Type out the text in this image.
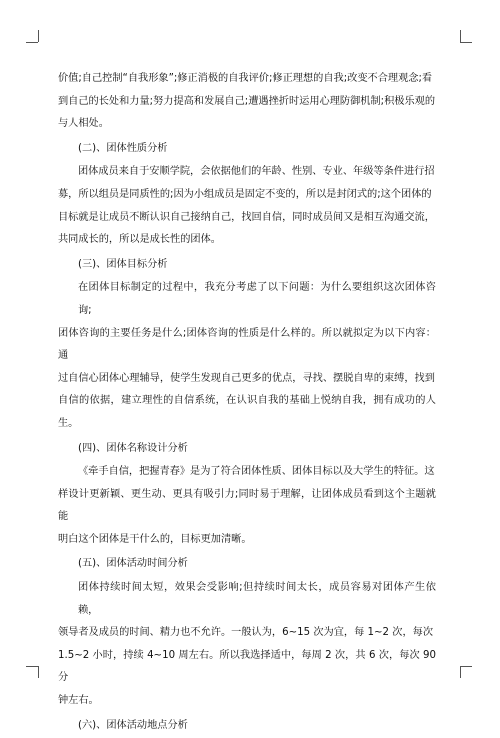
价值;自己控制“自我形象”;修正消极的自我评价;修正理想的自我;改变不合理观念;看

到自己的长处和力量;努力提高和发展自己;遭遇挫折时运用心理防御机制;积极乐观的

与人相处。

(二)、团体性质分析

团体成员来自于安顺学院，会依据他们的年龄、性别、专业、年级等条件进行招

募，所以组员是同质性的;因为小组成员是固定不变的，所以是封闭式的;这个团体的

目标就是让成员不断认识自己接纳自己，找回自信，同时成员间又是相互沟通交流，

共同成长的，所以是成长性的团体。

(三)、团体目标分析

在团体目标制定的过程中，我充分考虑了以下问题：为什么要组织这次团体咨询;

团体咨询的主要任务是什么;团体咨询的性质是什么样的。所以就拟定为以下内容：通

过自信心团体心理辅导，使学生发现自己更多的优点，寻找、摆脱自卑的束缚，找到

自信的依据，建立理性的自信系统，在认识自我的基础上悦纳自我，拥有成功的人生。

(四)、团体名称设计分析

《牵手自信，把握青春》是为了符合团体性质、团体目标以及大学生的特征。这

样设计更新颖、更生动、更具有吸引力;同时易于理解，让团体成员看到这个主题就能

明白这个团体是干什么的，目标更加清晰。

(五)、团体活动时间分析

团体持续时间太短，效果会受影响;但持续时间太长，成员容易对团体产生依赖，

领导者及成员的时间、精力也不允许。一般认为，6~15 次为宜，每 1~2 次，每次

1.5~2 小时，持续 4~10 周左右。所以我选择适中，每周 2 次，共 6 次，每次 90 分

钟左右。

(六)、团体活动地点分析
